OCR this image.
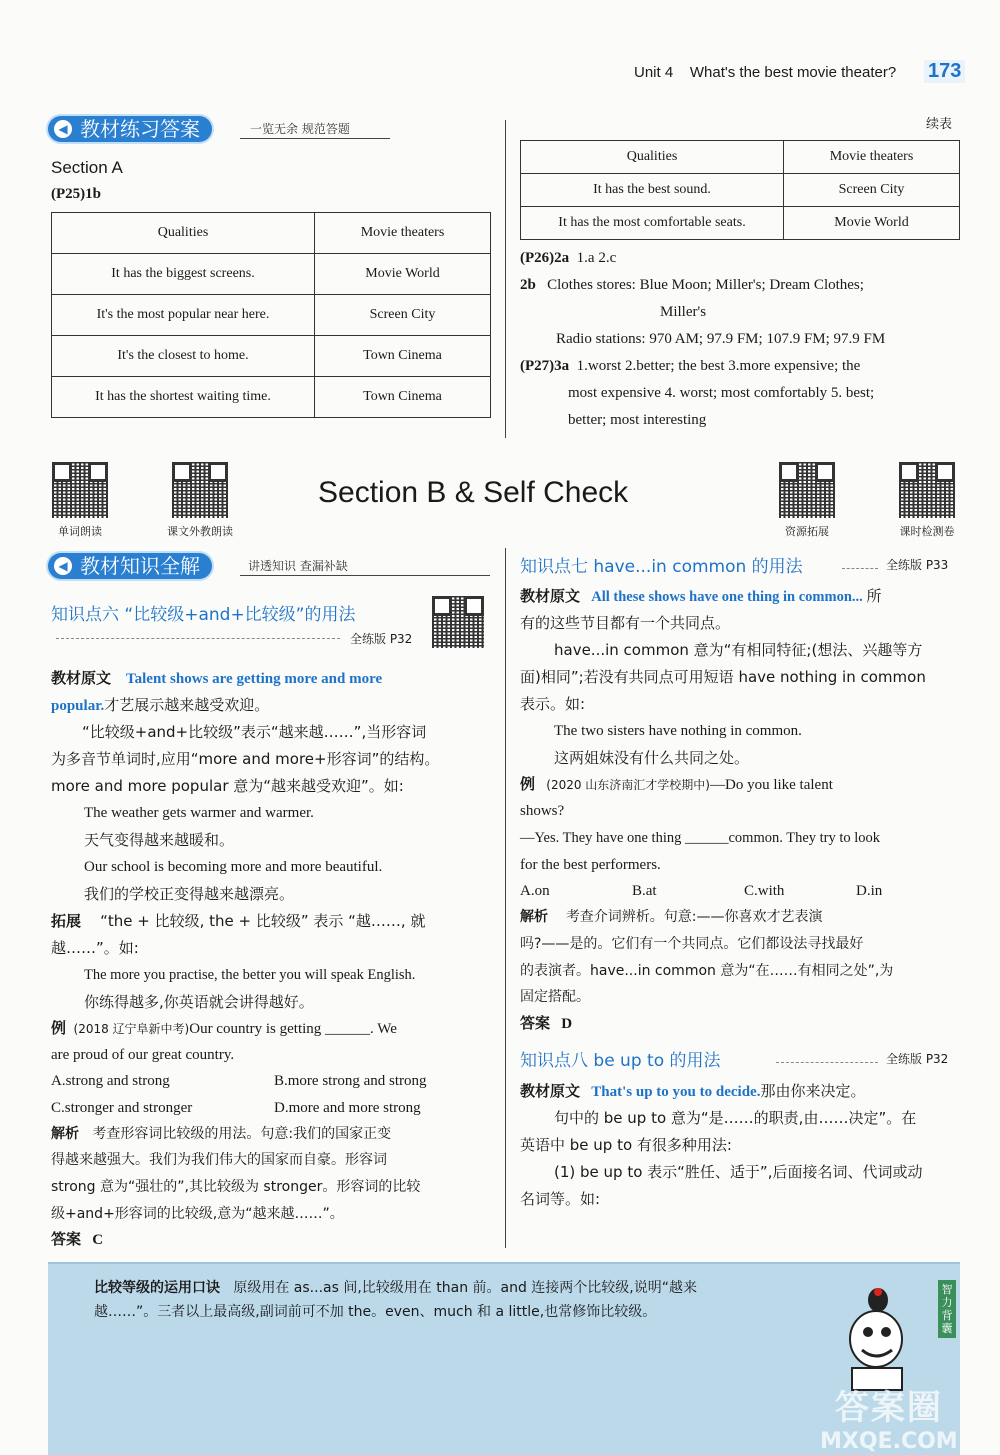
Unit 4 What's the best movie theater? 173
◀ 教材练习答案	一览无余 规范答题
Section A
(P25)1b
Qualities	Movie theaters
It has the biggest screens.	Movie World
It's the most popular near here.	Screen City
It's the closest to home.	Town Cinema
It has the shortest waiting time.	Town Cinema
续表
Qualities	Movie theaters
It has the best sound.	Screen City
It has the most comfortable seats.	Movie World
(P26)2a 1.a 2.c
2b Clothes stores: Blue Moon; Miller's; Dream Clothes;
Miller's
Radio stations: 970 AM; 97.9 FM; 107.9 FM; 97.9 FM
(P27)3a 1.worst 2.better; the best 3.more expensive; the
most expensive 4. worst; most comfortably 5. best;
better; most interesting
单词朗读	课文外教朗读
Section B & Self Check
资源拓展	课时检测卷
◀ 教材知识全解	讲透知识 查漏补缺
知识点六 “比较级+and+比较级”的用法
全练版 P32
教材原文 Talent shows are getting more and more
popular.才艺展示越来越受欢迎。
“比较级+and+比较级”表示“越来越……”,当形容词
为多音节单词时,应用“more and more+形容词”的结构。
more and more popular 意为“越来越受欢迎”。如:
The weather gets warmer and warmer.
天气变得越来越暖和。
Our school is becoming more and more beautiful.
我们的学校正变得越来越漂亮。
拓展 “the + 比较级, the + 比较级” 表示 “越……, 就
越……”。如:
The more you practise, the better you will speak English.
你练得越多,你英语就会讲得越好。
例 (2018 辽宁阜新中考)Our country is getting ______. We
are proud of our great country.
A.strong and strong	B.more strong and strong
C.stronger and stronger	D.more and more strong
解析 考查形容词比较级的用法。句意:我们的国家正变
得越来越强大。我们为我们伟大的国家而自豪。形容词
strong 意为“强壮的”,其比较级为 stronger。形容词的比较
级+and+形容词的比较级,意为“越来越……”。
答案 C
知识点七 have...in common 的用法	全练版 P33
教材原文 All these shows have one thing in common... 所
有的这些节目都有一个共同点。
have...in common 意为“有相同特征;(想法、兴趣等方
面)相同”;若没有共同点可用短语 have nothing in common
表示。如:
The two sisters have nothing in common.
这两姐妹没有什么共同之处。
例 (2020 山东济南汇才学校期中)—Do you like talent
shows?
—Yes. They have one thing ______common. They try to look
for the best performers.
A.on	B.at	C.with	D.in
解析 考查介词辨析。句意:——你喜欢才艺表演
吗?——是的。它们有一个共同点。它们都设法寻找最好
的表演者。have...in common 意为“在……有相同之处”,为
固定搭配。
答案 D
知识点八 be up to 的用法	全练版 P32
教材原文 That's up to you to decide.那由你来决定。
句中的 be up to 意为“是……的职责,由……决定”。在
英语中 be up to 有很多种用法:
(1) be up to 表示“胜任、适于”,后面接名词、代词或动
名词等。如:
比较等级的运用口诀 原级用在 as...as 间,比较级用在 than 前。and 连接两个比较级,说明“越来
越……”。三者以上最高级,副词前可不加 the。even、much 和 a little,也常修饰比较级。
智力背囊
答案圈
MXQE.COM
